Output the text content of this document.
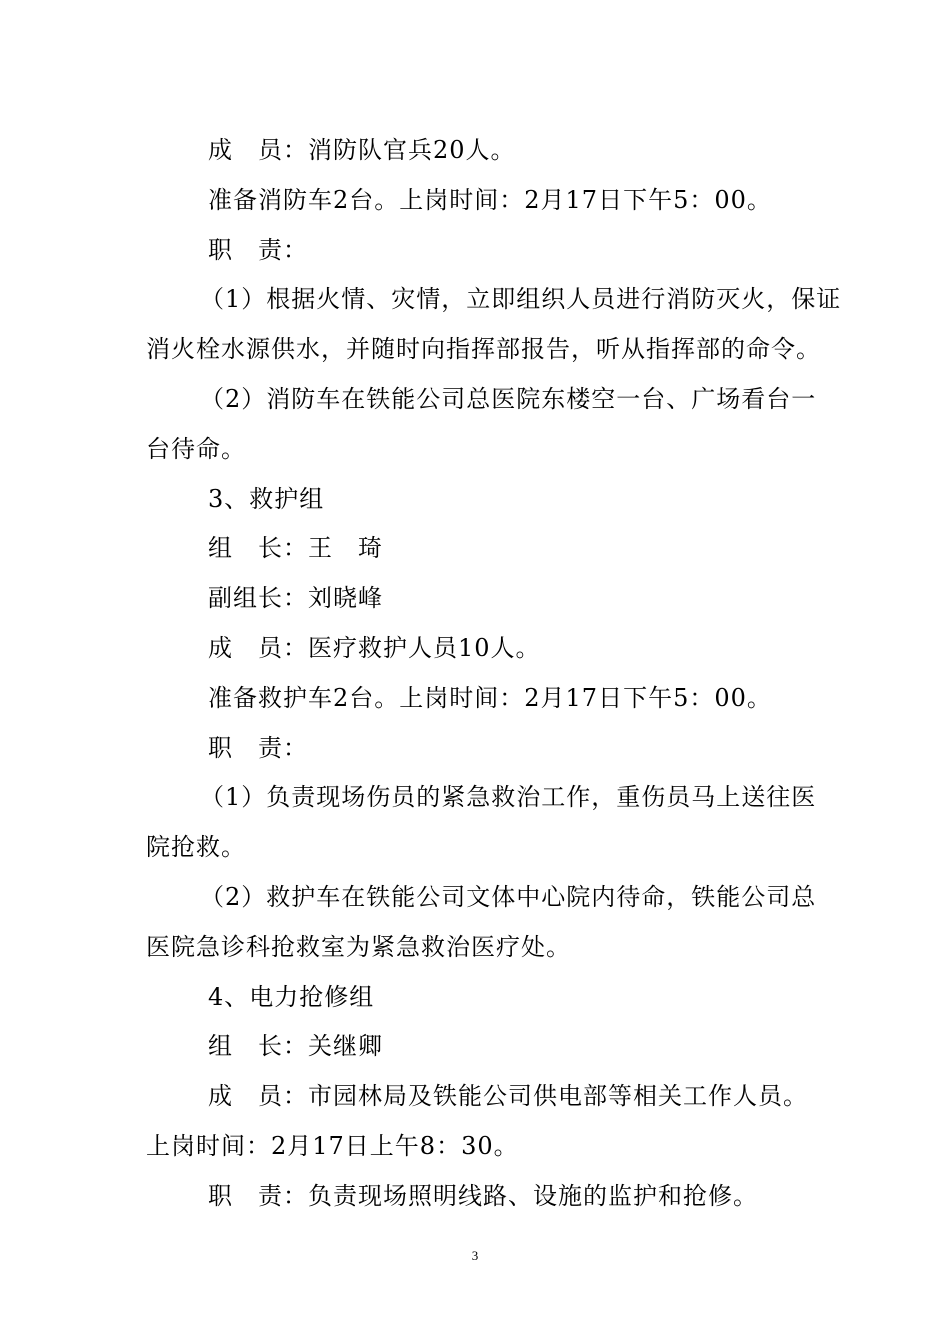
成　员：消防队官兵20人。
准备消防车2台。上岗时间：2月17日下午5：00。
职　责：
（1）根据火情、灾情，立即组织人员进行消防灭火，保证
消火栓水源供水，并随时向指挥部报告，听从指挥部的命令。
（2）消防车在铁能公司总医院东楼空一台、广场看台一
台待命。
3、救护组
组　长：王　琦
副组长：刘晓峰
成　员：医疗救护人员10人。
准备救护车2台。上岗时间：2月17日下午5：00。
职　责：
（1）负责现场伤员的紧急救治工作，重伤员马上送往医
院抢救。
（2）救护车在铁能公司文体中心院内待命，铁能公司总
医院急诊科抢救室为紧急救治医疗处。
4、电力抢修组
组　长：关继卿
成　员：市园林局及铁能公司供电部等相关工作人员。
上岗时间：2月17日上午8：30。
职　责：负责现场照明线路、设施的监护和抢修。
3
